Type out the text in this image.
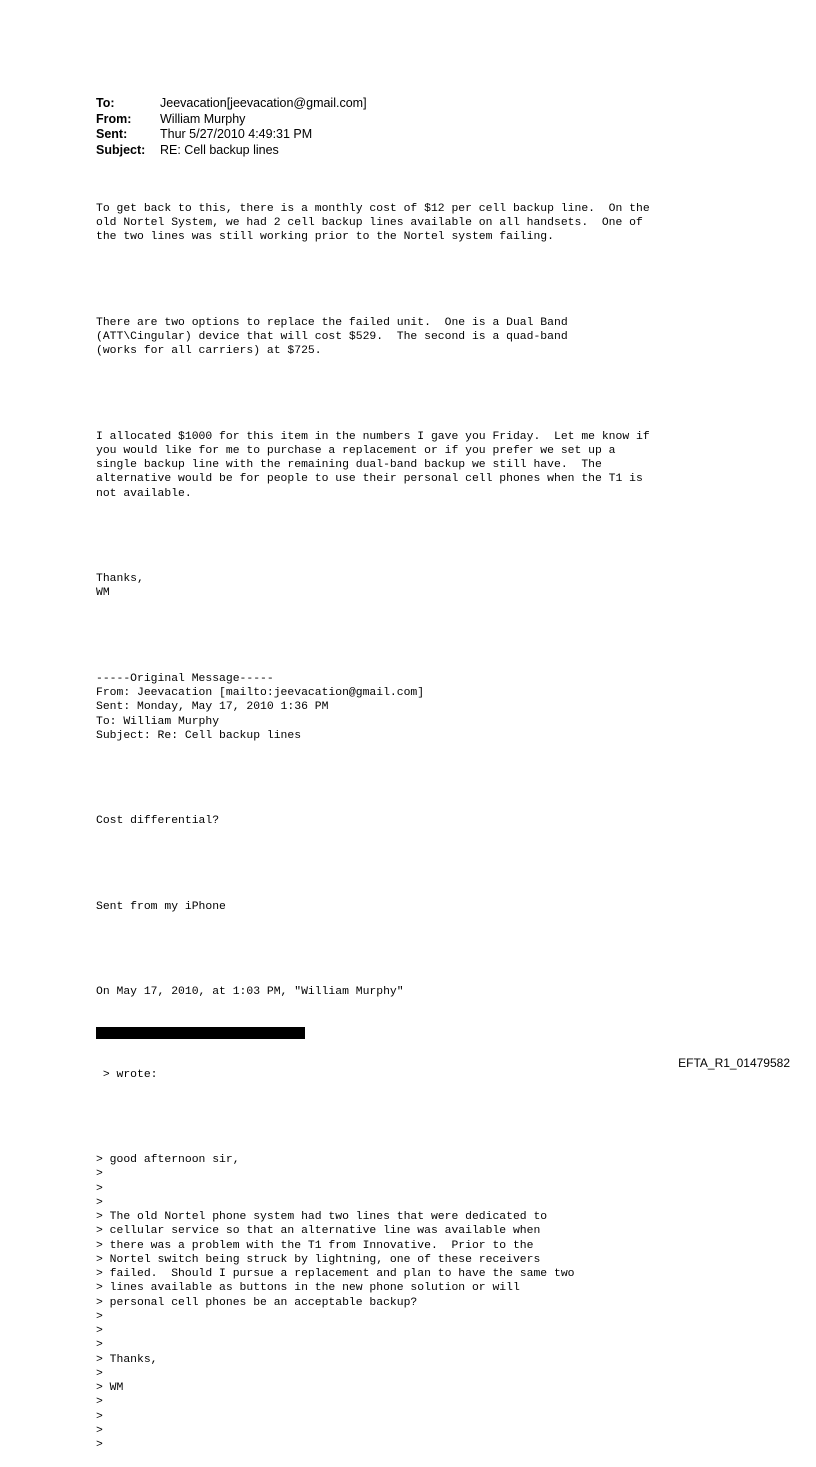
To:	Jeevacation[jeevacation@gmail.com]
From:	William Murphy
Sent:	Thur 5/27/2010 4:49:31 PM
Subject:	RE: Cell backup lines

To get back to this, there is a monthly cost of $12 per cell backup line.  On the
old Nortel System, we had 2 cell backup lines available on all handsets.  One of
the two lines was still working prior to the Nortel system failing.

There are two options to replace the failed unit.  One is a Dual Band
(ATT\Cingular) device that will cost $529.  The second is a quad-band
(works for all carriers) at $725.

I allocated $1000 for this item in the numbers I gave you Friday.  Let me know if
you would like for me to purchase a replacement or if you prefer we set up a
single backup line with the remaining dual-band backup we still have.  The
alternative would be for people to use their personal cell phones when the T1 is
not available.

Thanks,
WM

-----Original Message-----
From: Jeevacation [mailto:jeevacation@gmail.com]
Sent: Monday, May 17, 2010 1:36 PM
To: William Murphy
Subject: Re: Cell backup lines

Cost differential?

Sent from my iPhone

On May 17, 2010, at 1:03 PM, "William Murphy"

> wrote:

> good afternoon sir,
>
>
>
> The old Nortel phone system had two lines that were dedicated to
> cellular service so that an alternative line was available when
> there was a problem with the T1 from Innovative.  Prior to the
> Nortel switch being struck by lightning, one of these receivers
> failed.  Should I pursue a replacement and plan to have the same two
> lines available as buttons in the new phone solution or will
> personal cell phones be an acceptable backup?
>
>
>
> Thanks,
>
> WM
>
>
>
>

EFTA_R1_01479582
